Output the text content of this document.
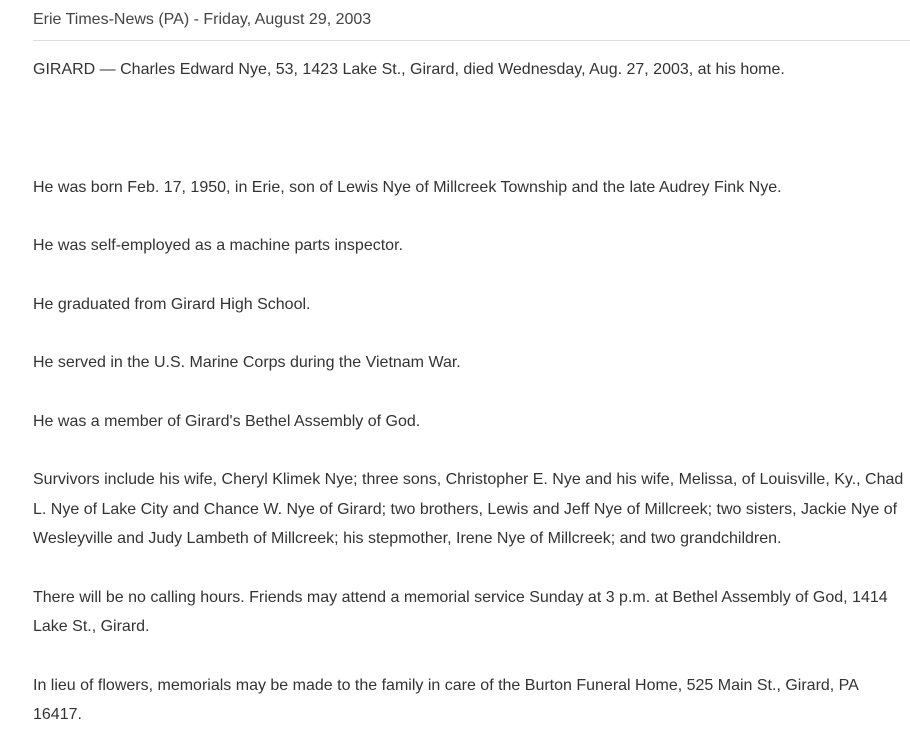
Erie Times-News (PA) - Friday, August 29, 2003

GIRARD — Charles Edward Nye, 53, 1423 Lake St., Girard, died Wednesday, Aug. 27, 2003, at his home.

He was born Feb. 17, 1950, in Erie, son of Lewis Nye of Millcreek Township and the late Audrey Fink Nye.

He was self-employed as a machine parts inspector.

He graduated from Girard High School.

He served in the U.S. Marine Corps during the Vietnam War.

He was a member of Girard's Bethel Assembly of God.

Survivors include his wife, Cheryl Klimek Nye; three sons, Christopher E. Nye and his wife, Melissa, of Louisville, Ky., Chad L. Nye of Lake City and Chance W. Nye of Girard; two brothers, Lewis and Jeff Nye of Millcreek; two sisters, Jackie Nye of Wesleyville and Judy Lambeth of Millcreek; his stepmother, Irene Nye of Millcreek; and two grandchildren.

There will be no calling hours. Friends may attend a memorial service Sunday at 3 p.m. at Bethel Assembly of God, 1414 Lake St., Girard.

In lieu of flowers, memorials may be made to the family in care of the Burton Funeral Home, 525 Main St., Girard, PA 16417.
